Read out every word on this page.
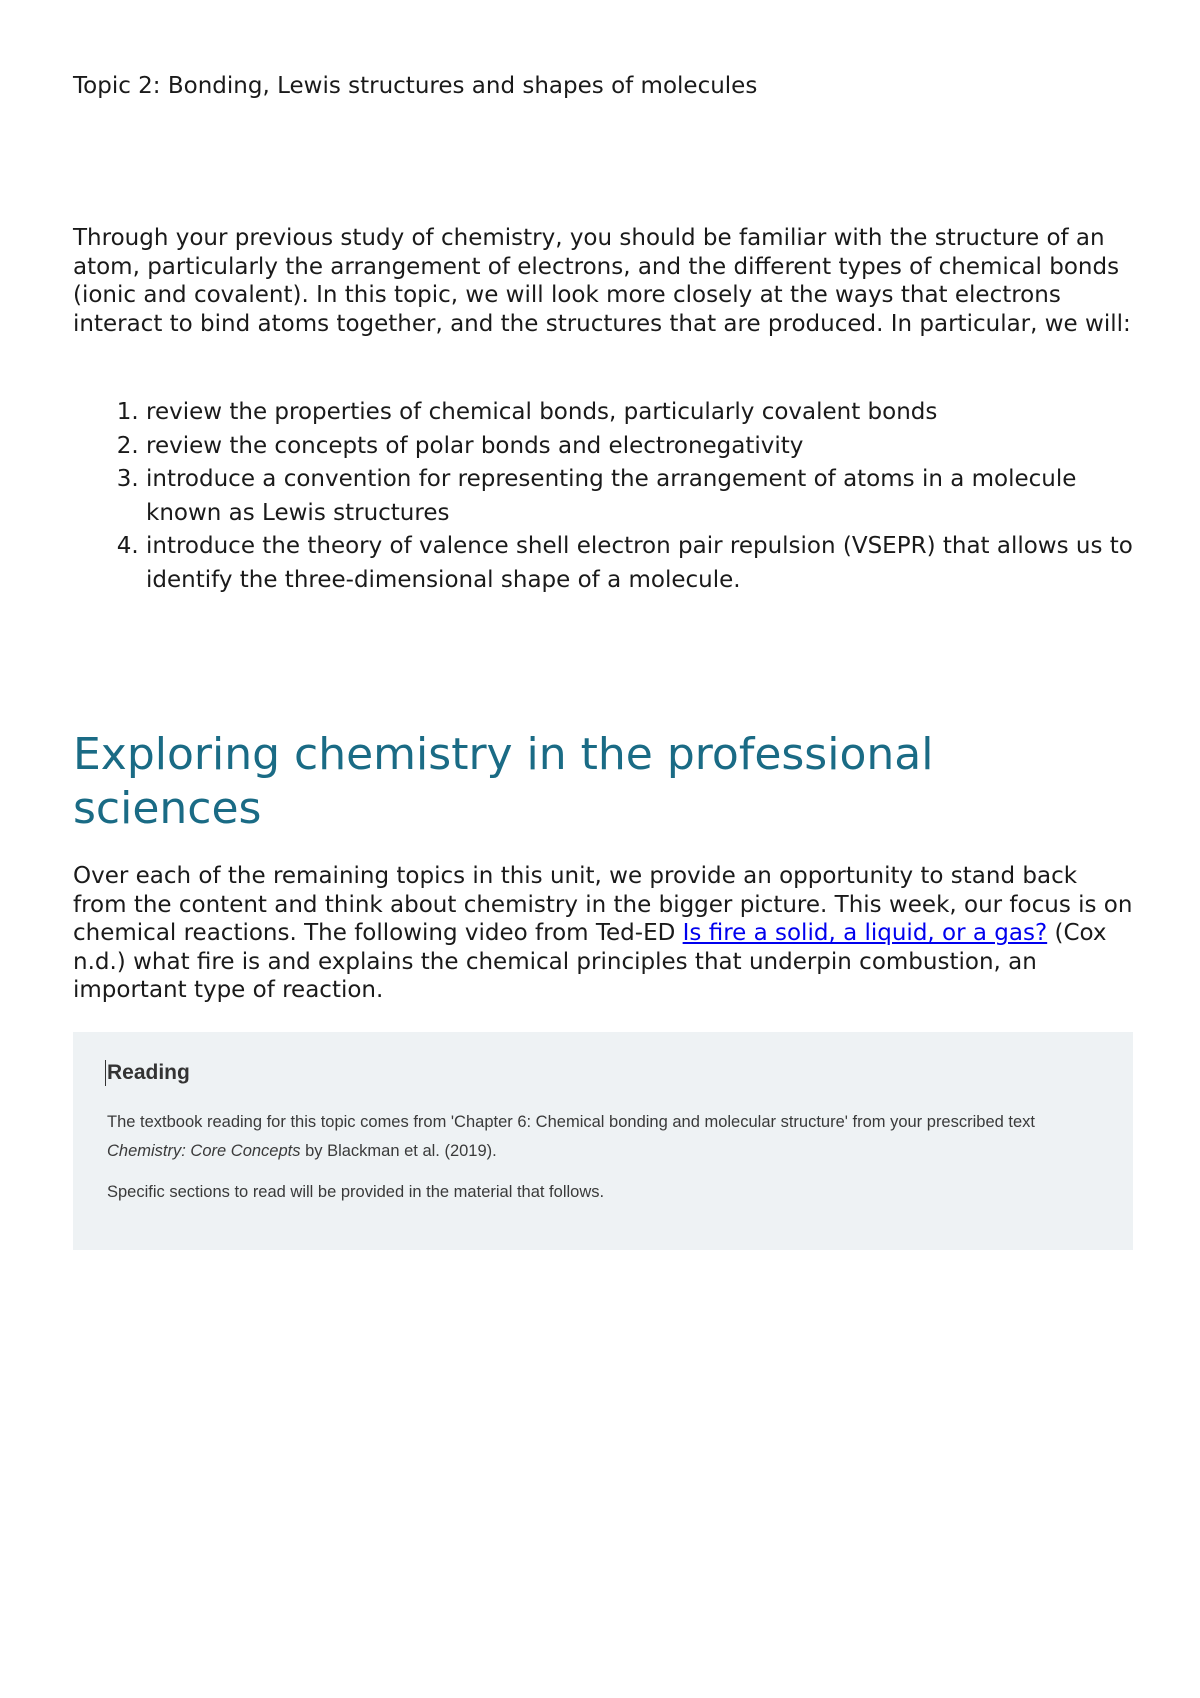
Topic 2: Bonding, Lewis structures and shapes of molecules

Through your previous study of chemistry, you should be familiar with the structure of an atom, particularly the arrangement of electrons, and the different types of chemical bonds (ionic and covalent). In this topic, we will look more closely at the ways that electrons interact to bind atoms together, and the structures that are produced. In particular, we will:

1. review the properties of chemical bonds, particularly covalent bonds
2. review the concepts of polar bonds and electronegativity
3. introduce a convention for representing the arrangement of atoms in a molecule known as Lewis structures
4. introduce the theory of valence shell electron pair repulsion (VSEPR) that allows us to identify the three-dimensional shape of a molecule.
Exploring chemistry in the professional sciences

Over each of the remaining topics in this unit, we provide an opportunity to stand back from the content and think about chemistry in the bigger picture. This week, our focus is on chemical reactions. The following video from Ted-ED Is fire a solid, a liquid, or a gas? (Cox n.d.) what fire is and explains the chemical principles that underpin combustion, an important type of reaction.

Reading

The textbook reading for this topic comes from 'Chapter 6: Chemical bonding and molecular structure' from your prescribed text Chemistry: Core Concepts by Blackman et al. (2019).

Specific sections to read will be provided in the material that follows.
